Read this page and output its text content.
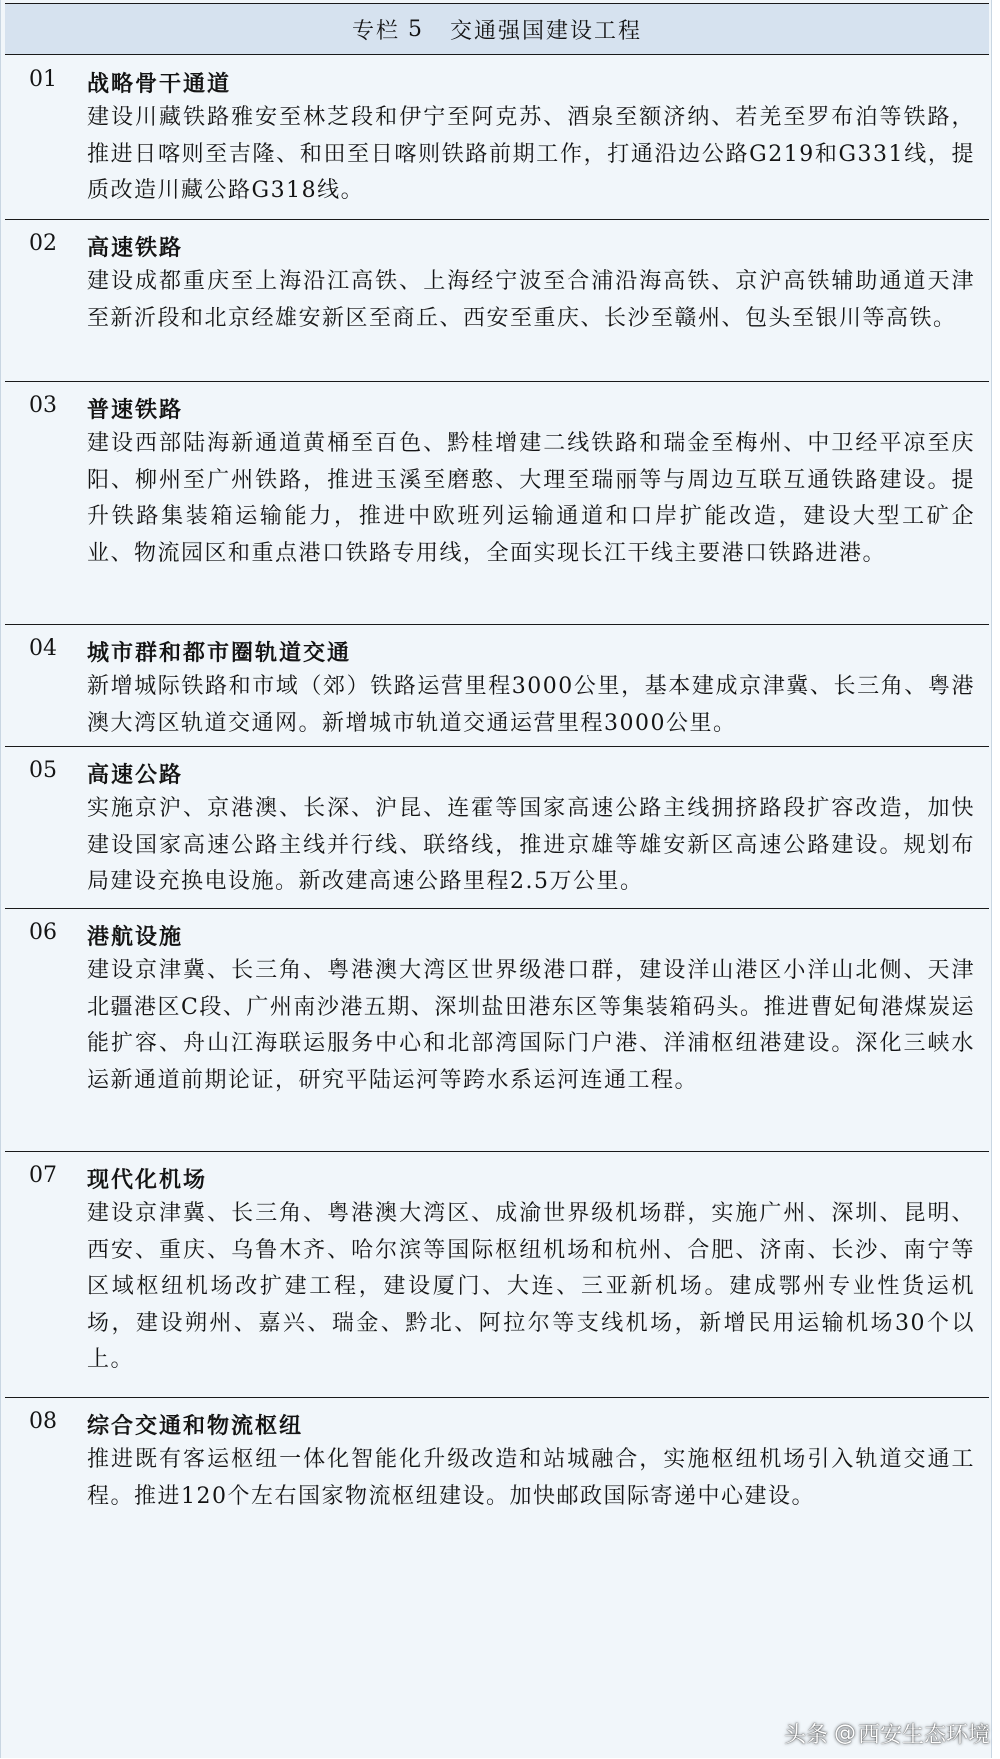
专栏 5 交通强国建设工程
01 战略骨干通道
建设川藏铁路雅安至林芝段和伊宁至阿克苏、酒泉至额济纳、若羌至罗布泊等铁路，推进日喀则至吉隆、和田至日喀则铁路前期工作，打通沿边公路G219和G331线，提质改造川藏公路G318线。
02 高速铁路
建设成都重庆至上海沿江高铁、上海经宁波至合浦沿海高铁、京沪高铁辅助通道天津至新沂段和北京经雄安新区至商丘、西安至重庆、长沙至赣州、包头至银川等高铁。
03 普速铁路
建设西部陆海新通道黄桶至百色、黔桂增建二线铁路和瑞金至梅州、中卫经平凉至庆阳、柳州至广州铁路，推进玉溪至磨憨、大理至瑞丽等与周边互联互通铁路建设。提升铁路集装箱运输能力，推进中欧班列运输通道和口岸扩能改造，建设大型工矿企业、物流园区和重点港口铁路专用线，全面实现长江干线主要港口铁路进港。
04 城市群和都市圈轨道交通
新增城际铁路和市域（郊）铁路运营里程3000公里，基本建成京津冀、长三角、粤港澳大湾区轨道交通网。新增城市轨道交通运营里程3000公里。
05 高速公路
实施京沪、京港澳、长深、沪昆、连霍等国家高速公路主线拥挤路段扩容改造，加快建设国家高速公路主线并行线、联络线，推进京雄等雄安新区高速公路建设。规划布局建设充换电设施。新改建高速公路里程2.5万公里。
06 港航设施
建设京津冀、长三角、粤港澳大湾区世界级港口群，建设洋山港区小洋山北侧、天津北疆港区C段、广州南沙港五期、深圳盐田港东区等集装箱码头。推进曹妃甸港煤炭运能扩容、舟山江海联运服务中心和北部湾国际门户港、洋浦枢纽港建设。深化三峡水运新通道前期论证，研究平陆运河等跨水系运河连通工程。
07 现代化机场
建设京津冀、长三角、粤港澳大湾区、成渝世界级机场群，实施广州、深圳、昆明、西安、重庆、乌鲁木齐、哈尔滨等国际枢纽机场和杭州、合肥、济南、长沙、南宁等区域枢纽机场改扩建工程，建设厦门、大连、三亚新机场。建成鄂州专业性货运机场，建设朔州、嘉兴、瑞金、黔北、阿拉尔等支线机场，新增民用运输机场30个以上。
08 综合交通和物流枢纽
推进既有客运枢纽一体化智能化升级改造和站城融合，实施枢纽机场引入轨道交通工程。推进120个左右国家物流枢纽建设。加快邮政国际寄递中心建设。
头条 @ 西安生态环境
